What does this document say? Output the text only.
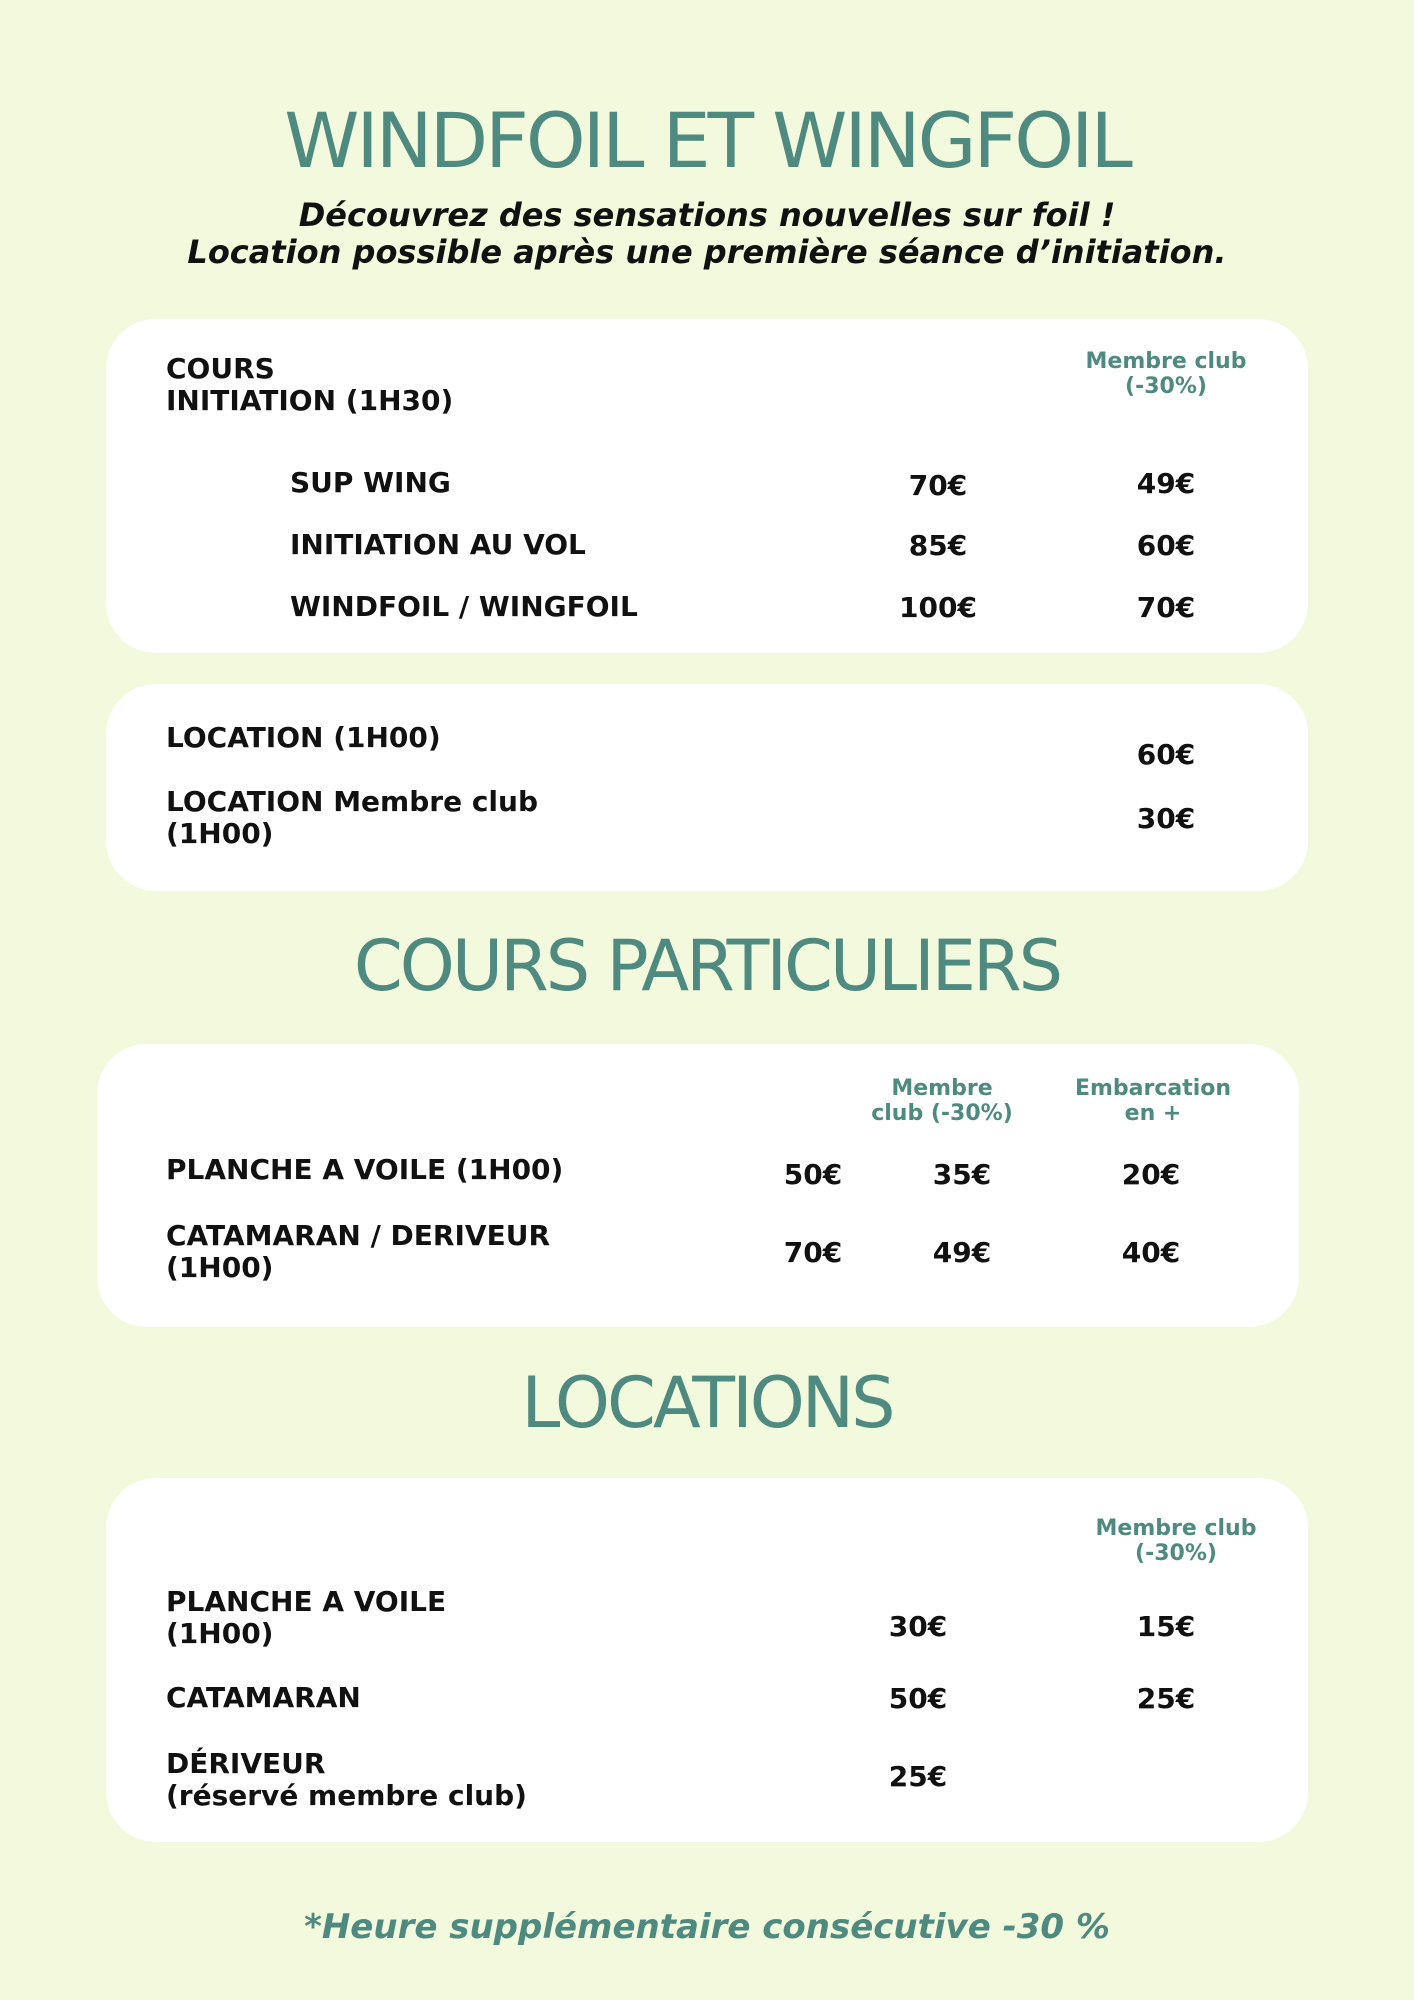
WINDFOIL ET WINGFOIL
Découvrez des sensations nouvelles sur foil !
Location possible après une première séance d’initiation.
COURS
INITIATION (1H30)
Membre club
(-30%)
SUP WING	70€	49€
INITIATION AU VOL	85€	60€
WINDFOIL / WINGFOIL	100€	70€
LOCATION (1H00)
60€
LOCATION Membre club
(1H00)	30€
COURS PARTICULIERS
Membre
club (-30%)
Embarcation
en +
PLANCHE A VOILE (1H00)	50€	35€	20€
CATAMARAN / DERIVEUR
(1H00)	70€	49€	40€
LOCATIONS
Membre club
(-30%)
PLANCHE A VOILE
(1H00)	30€	15€
CATAMARAN	50€	25€
DÉRIVEUR
(réservé membre club)
25€
*Heure supplémentaire consécutive -30 %
